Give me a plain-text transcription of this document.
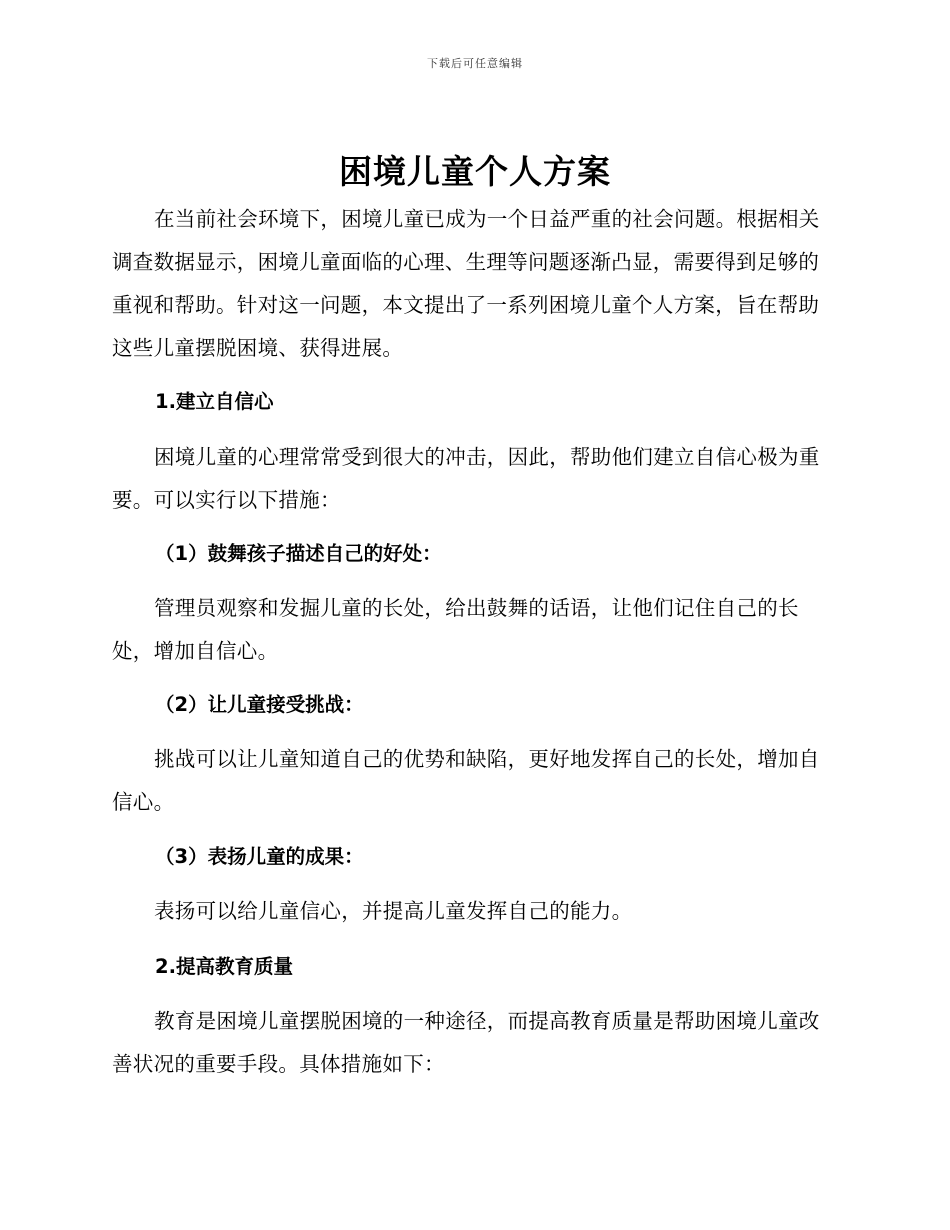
下载后可任意编辑
困境儿童个人方案

在当前社会环境下，困境儿童已成为一个日益严重的社会问题。根据相关调查数据显示，困境儿童面临的心理、生理等问题逐渐凸显，需要得到足够的重视和帮助。针对这一问题，本文提出了一系列困境儿童个人方案，旨在帮助这些儿童摆脱困境、获得进展。

1.建立自信心

困境儿童的心理常常受到很大的冲击，因此，帮助他们建立自信心极为重要。可以实行以下措施：

（1）鼓舞孩子描述自己的好处：

管理员观察和发掘儿童的长处，给出鼓舞的话语，让他们记住自己的长处，增加自信心。

（2）让儿童接受挑战：

挑战可以让儿童知道自己的优势和缺陷，更好地发挥自己的长处，增加自信心。

（3）表扬儿童的成果：

表扬可以给儿童信心，并提高儿童发挥自己的能力。

2.提高教育质量

教育是困境儿童摆脱困境的一种途径，而提高教育质量是帮助困境儿童改善状况的重要手段。具体措施如下：
